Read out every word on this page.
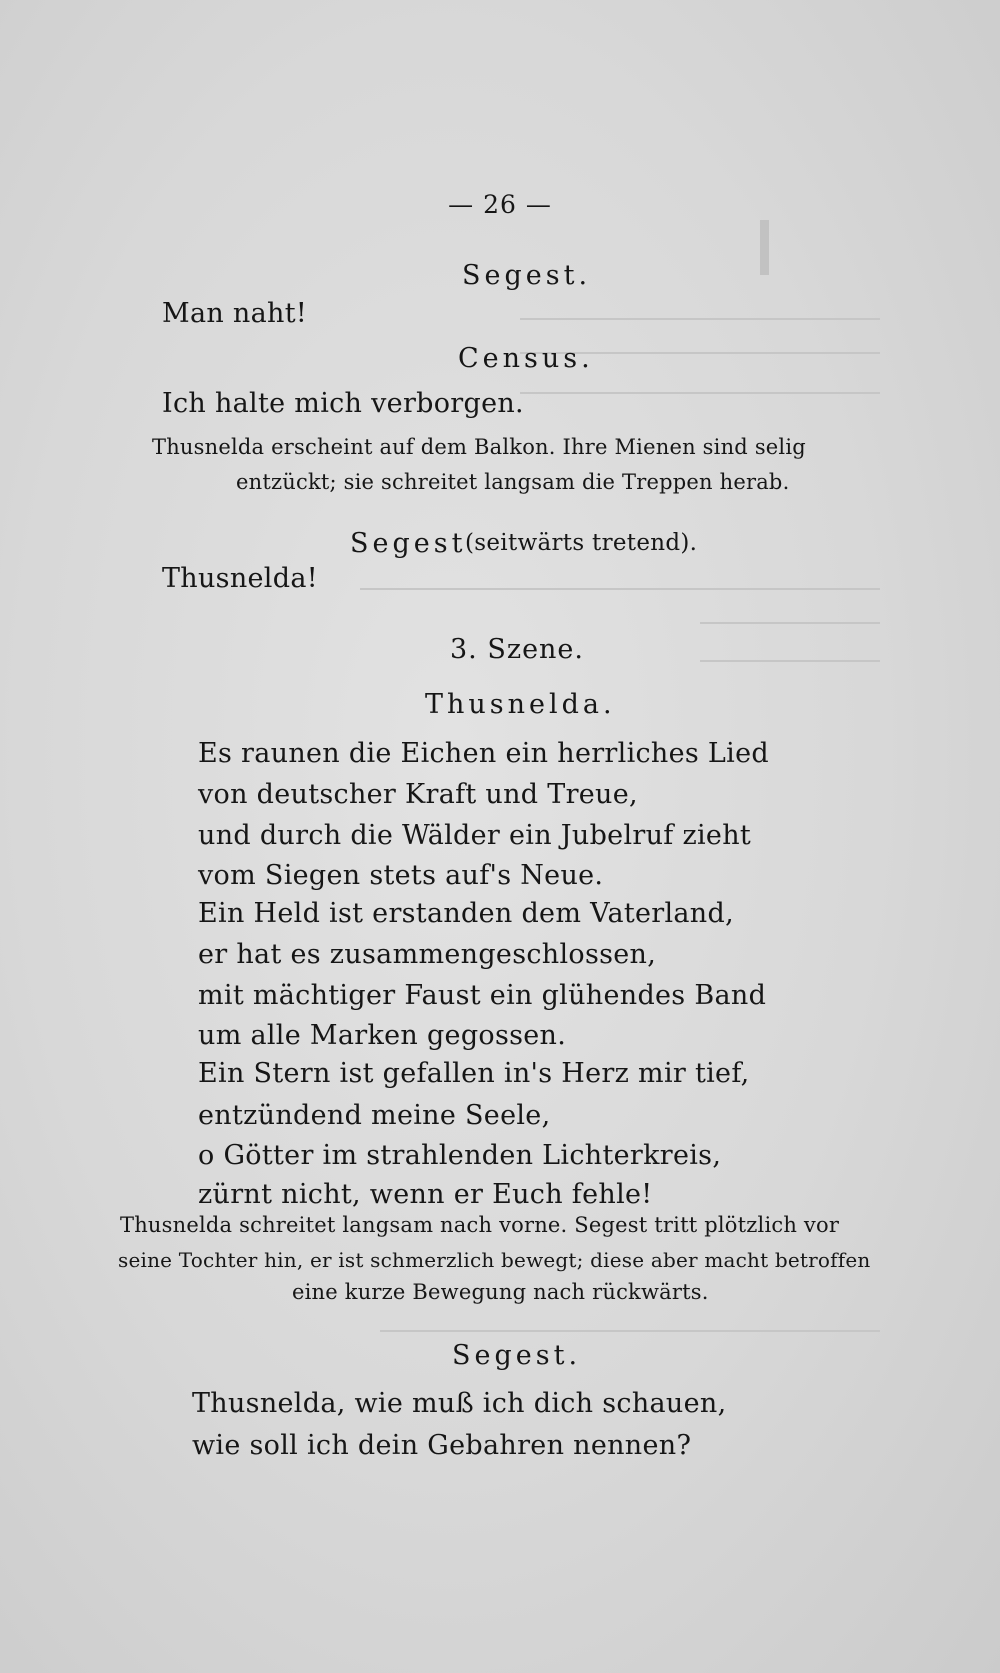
— 26 —
Segest.
Man naht!
Census.
Ich halte mich verborgen.
Thusnelda erscheint auf dem Balkon. Ihre Mienen sind selig
entzückt; sie schreitet langsam die Treppen herab.
Segest
(seitwärts tretend).
Thusnelda!
3. Szene.
Thusnelda.
Es raunen die Eichen ein herrliches Lied
von deutscher Kraft und Treue,
und durch die Wälder ein Jubelruf zieht
vom Siegen stets auf's Neue.
Ein Held ist erstanden dem Vaterland,
er hat es zusammengeschlossen,
mit mächtiger Faust ein glühendes Band
um alle Marken gegossen.
Ein Stern ist gefallen in's Herz mir tief,
entzündend meine Seele,
o Götter im strahlenden Lichterkreis,
zürnt nicht, wenn er Euch fehle!
Thusnelda schreitet langsam nach vorne. Segest tritt plötzlich vor
seine Tochter hin, er ist schmerzlich bewegt; diese aber macht betroffen
eine kurze Bewegung nach rückwärts.
Segest.
Thusnelda, wie muß ich dich schauen,
wie soll ich dein Gebahren nennen?
